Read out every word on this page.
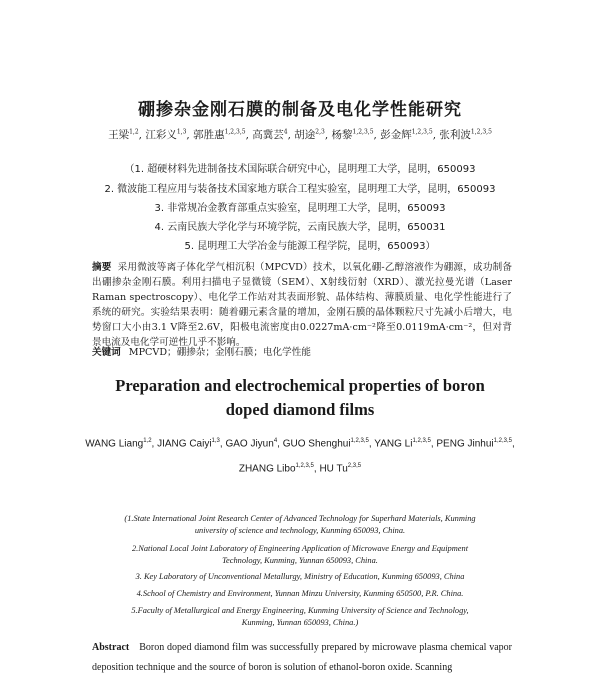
硼掺杂金刚石膜的制备及电化学性能研究
王梁$^{1,2}$, 江彩义$^{1,3}$, 郭胜惠$^{1,2,3,5}$, 高冀芸$^4$, 胡途$^{2,3}$, 杨黎$^{1,2,3,5}$, 彭金辉$^{1,2,3,5}$, 张利波$^{1,2,3,5}$
（1. 超硬材料先进制备技术国际联合研究中心，昆明理工大学，昆明，650093
2. 微波能工程应用与装备技术国家地方联合工程实验室，昆明理工大学，昆明，650093
3. 非常规冶金教育部重点实验室，昆明理工大学，昆明，650093
4. 云南民族大学化学与环境学院，云南民族大学，昆明，650031
5. 昆明理工大学冶金与能源工程学院，昆明，650093）
摘要 采用微波等离子体化学气相沉积（MPCVD）技术，以氧化硼-乙醇溶液作为硼源，成功制备出硼掺杂金刚石膜。利用扫描电子显微镜（SEM）、X射线衍射（XRD）、激光拉曼光谱（Laser Raman spectroscopy）、电化学工作站对其表面形貌、晶体结构、薄膜质量、电化学性能进行了系统的研究。实验结果表明：随着硼元素含量的增加，金刚石膜的晶体颗粒尺寸先减小后增大，电势窗口大小由3.1 V降至2.6V，阳极电流密度由0.0227mA·cm⁻²降至0.0119mA·cm⁻²，但对背景电流及电化学可逆性几乎不影响。
关键词 MPCVD；硼掺杂；金刚石膜；电化学性能
Preparation and electrochemical properties of boron
doped diamond films
WANG Liang$^{1,2}$, JIANG Caiyi$^{1,3}$, GAO Jiyun$^4$, GUO Shenghui$^{1,2,3,5}$, YANG Li$^{1,2,3,5}$, PENG Jinhui$^{1,2,3,5}$,
ZHANG Libo$^{1,2,3,5}$, HU Tu$^{2,3,5}$
(1.State International Joint Research Center of Advanced Technology for Superhard Materials, Kunming
university of science and technology, Kunming 650093, China.
2.National Local Joint Laboratory of Engineering Application of Microwave Energy and Equipment
Technology, Kunming, Yunnan 650093, China.
3. Key Laboratory of Unconventional Metallurgy, Ministry of Education, Kunming 650093, China
4.School of Chemistry and Environment, Yunnan Minzu University, Kunming 650500, P.R. China.
5.Faculty of Metallurgical and Energy Engineering, Kunming University of Science and Technology,
Kunming, Yunnan 650093, China.)
Abstract Boron doped diamond film was successfully prepared by microwave plasma chemical vapor deposition technique and the source of boron is solution of ethanol-boron oxide. Scanning
